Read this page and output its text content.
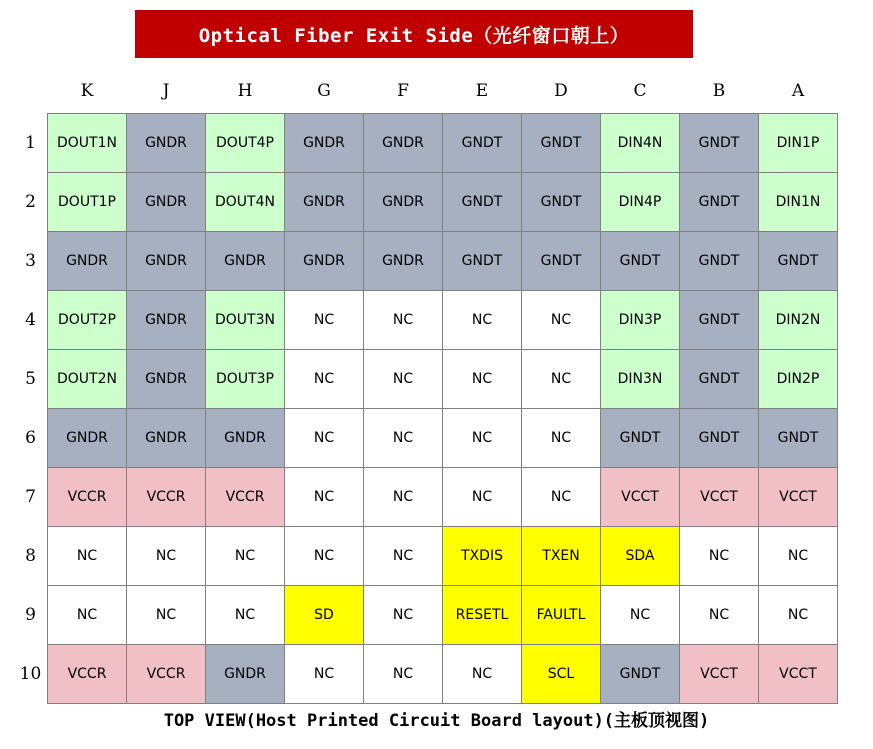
Optical Fiber Exit Side（光纤窗口朝上）
	K	J	H	G	F	E	D	C	B	A
1	DOUT1N	GNDR	DOUT4P	GNDR	GNDR	GNDT	GNDT	DIN4N	GNDT	DIN1P
2	DOUT1P	GNDR	DOUT4N	GNDR	GNDR	GNDT	GNDT	DIN4P	GNDT	DIN1N
3	GNDR	GNDR	GNDR	GNDR	GNDR	GNDT	GNDT	GNDT	GNDT	GNDT
4	DOUT2P	GNDR	DOUT3N	NC	NC	NC	NC	DIN3P	GNDT	DIN2N
5	DOUT2N	GNDR	DOUT3P	NC	NC	NC	NC	DIN3N	GNDT	DIN2P
6	GNDR	GNDR	GNDR	NC	NC	NC	NC	GNDT	GNDT	GNDT
7	VCCR	VCCR	VCCR	NC	NC	NC	NC	VCCT	VCCT	VCCT
8	NC	NC	NC	NC	NC	TXDIS	TXEN	SDA	NC	NC
9	NC	NC	NC	SD	NC	RESETL	FAULTL	NC	NC	NC
10	VCCR	VCCR	GNDR	NC	NC	NC	SCL	GNDT	VCCT	VCCT
TOP VIEW(Host Printed Circuit Board layout)(主板顶视图)
